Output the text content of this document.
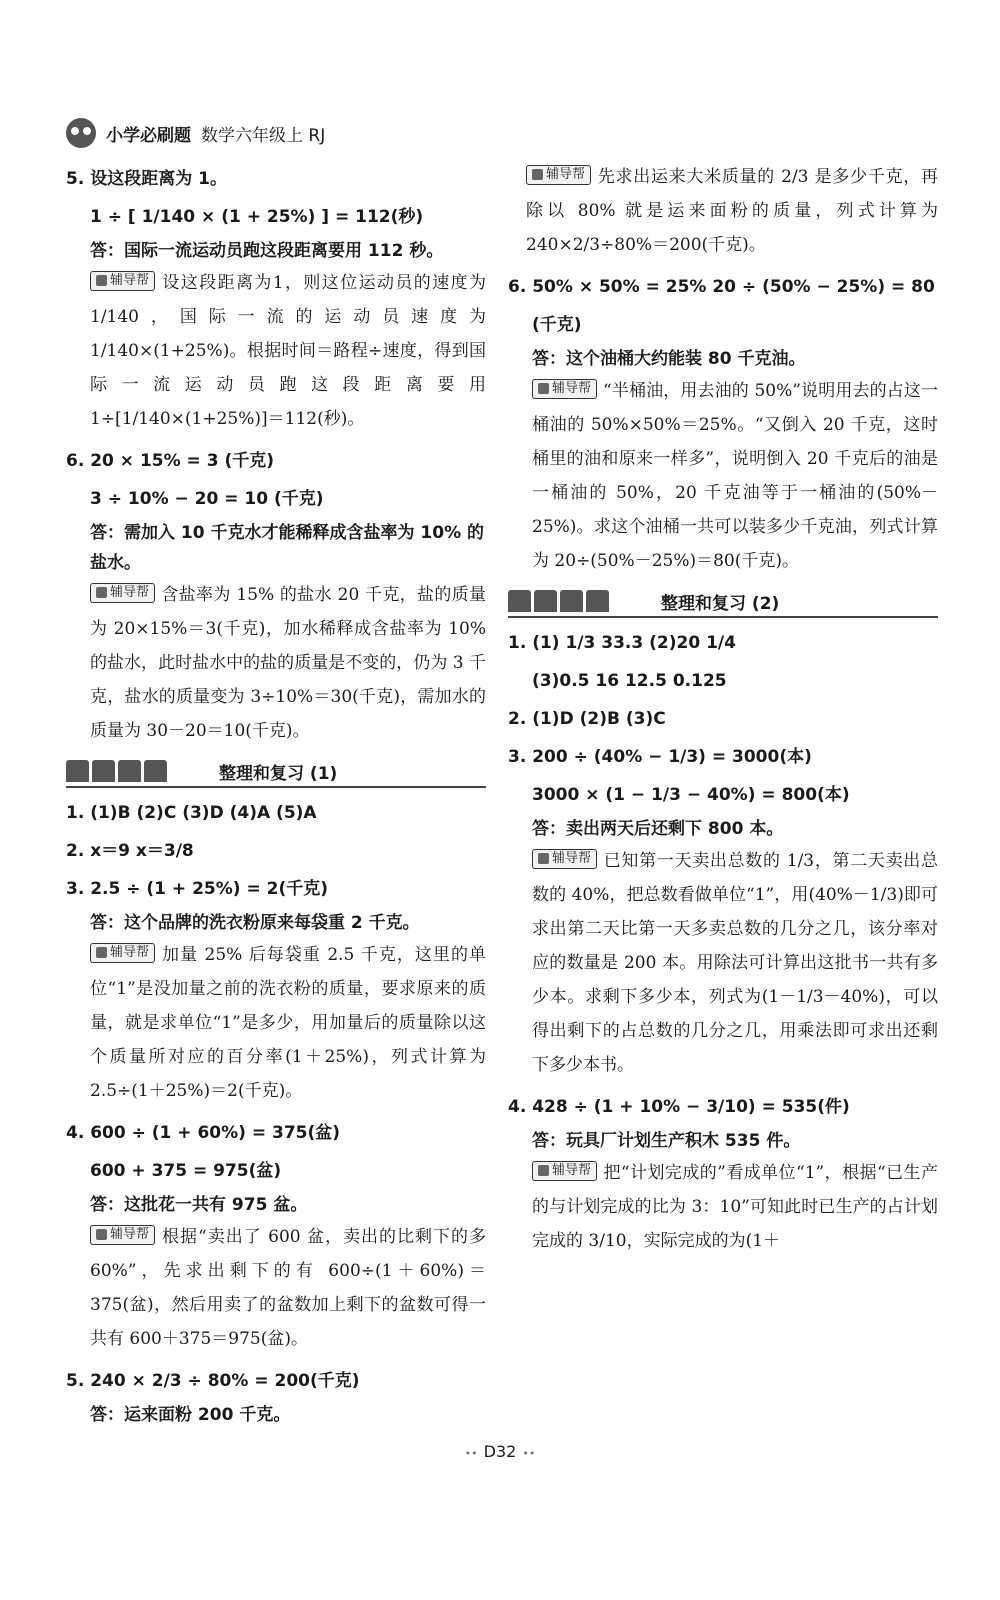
小学必刷题 数学六年级上 RJ
5. 设这段距离为 1。
1 ÷ [ 1/140 × (1 + 25%) ] = 112(秒)
答：国际一流运动员跑这段距离要用 112 秒。
辅导帮 设这段距离为1，则这位运动员的速度为1/140，国际一流的运动员速度为1/140×(1+25%)。根据时间＝路程÷速度，得到国际一流运动员跑这段距离要用 1÷[1/140×(1+25%)]＝112(秒)。
6. 20 × 15% = 3 (千克)
3 ÷ 10% − 20 = 10 (千克)
答：需加入 10 千克水才能稀释成含盐率为 10% 的盐水。
辅导帮 含盐率为 15% 的盐水 20 千克，盐的质量为 20×15%＝3(千克)，加水稀释成含盐率为 10% 的盐水，此时盐水中的盐的质量是不变的，仍为 3 千克，盐水的质量变为 3÷10%＝30(千克)，需加水的质量为 30－20＝10(千克)。
整理和复习 (1)
1. (1)B (2)C (3)D (4)A (5)A
2. x＝9 x＝3/8
3. 2.5 ÷ (1 + 25%) = 2(千克)
答：这个品牌的洗衣粉原来每袋重 2 千克。
辅导帮 加量 25% 后每袋重 2.5 千克，这里的单位“1”是没加量之前的洗衣粉的质量，要求原来的质量，就是求单位“1”是多少，用加量后的质量除以这个质量所对应的百分率(1＋25%)，列式计算为 2.5÷(1＋25%)＝2(千克)。
4. 600 ÷ (1 + 60%) = 375(盆)
600 + 375 = 975(盆)
答：这批花一共有 975 盆。
辅导帮 根据“卖出了 600 盆，卖出的比剩下的多 60%”，先求出剩下的有 600÷(1＋60%)＝375(盆)，然后用卖了的盆数加上剩下的盆数可得一共有 600＋375＝975(盆)。
5. 240 × 2/3 ÷ 80% = 200(千克)
答：运来面粉 200 千克。
辅导帮 先求出运来大米质量的 2/3 是多少千克，再除以 80% 就是运来面粉的质量，列式计算为 240×2/3÷80%＝200(千克)。
6. 50% × 50% = 25% 20 ÷ (50% − 25%) = 80
(千克)
答：这个油桶大约能装 80 千克油。
辅导帮 “半桶油，用去油的 50%”说明用去的占这一桶油的 50%×50%＝25%。“又倒入 20 千克，这时桶里的油和原来一样多”，说明倒入 20 千克后的油是一桶油的 50%，20 千克油等于一桶油的(50%－25%)。求这个油桶一共可以装多少千克油，列式计算为 20÷(50%－25%)＝80(千克)。
整理和复习 (2)
1. (1) 1/3 33.3 (2)20 1/4
(3)0.5 16 12.5 0.125
2. (1)D (2)B (3)C
3. 200 ÷ (40% − 1/3) = 3000(本)
3000 × (1 − 1/3 − 40%) = 800(本)
答：卖出两天后还剩下 800 本。
辅导帮 已知第一天卖出总数的 1/3，第二天卖出总数的 40%，把总数看做单位“1”，用(40%－1/3)即可求出第二天比第一天多卖总数的几分之几，该分率对应的数量是 200 本。用除法可计算出这批书一共有多少本。求剩下多少本，列式为(1－1/3－40%)，可以得出剩下的占总数的几分之几，用乘法即可求出还剩下多少本书。
4. 428 ÷ (1 + 10% − 3/10) = 535(件)
答：玩具厂计划生产积木 535 件。
辅导帮 把“计划完成的”看成单位“1”，根据“已生产的与计划完成的比为 3：10”可知此时已生产的占计划完成的 3/10，实际完成的为(1＋
•• D32 ••
